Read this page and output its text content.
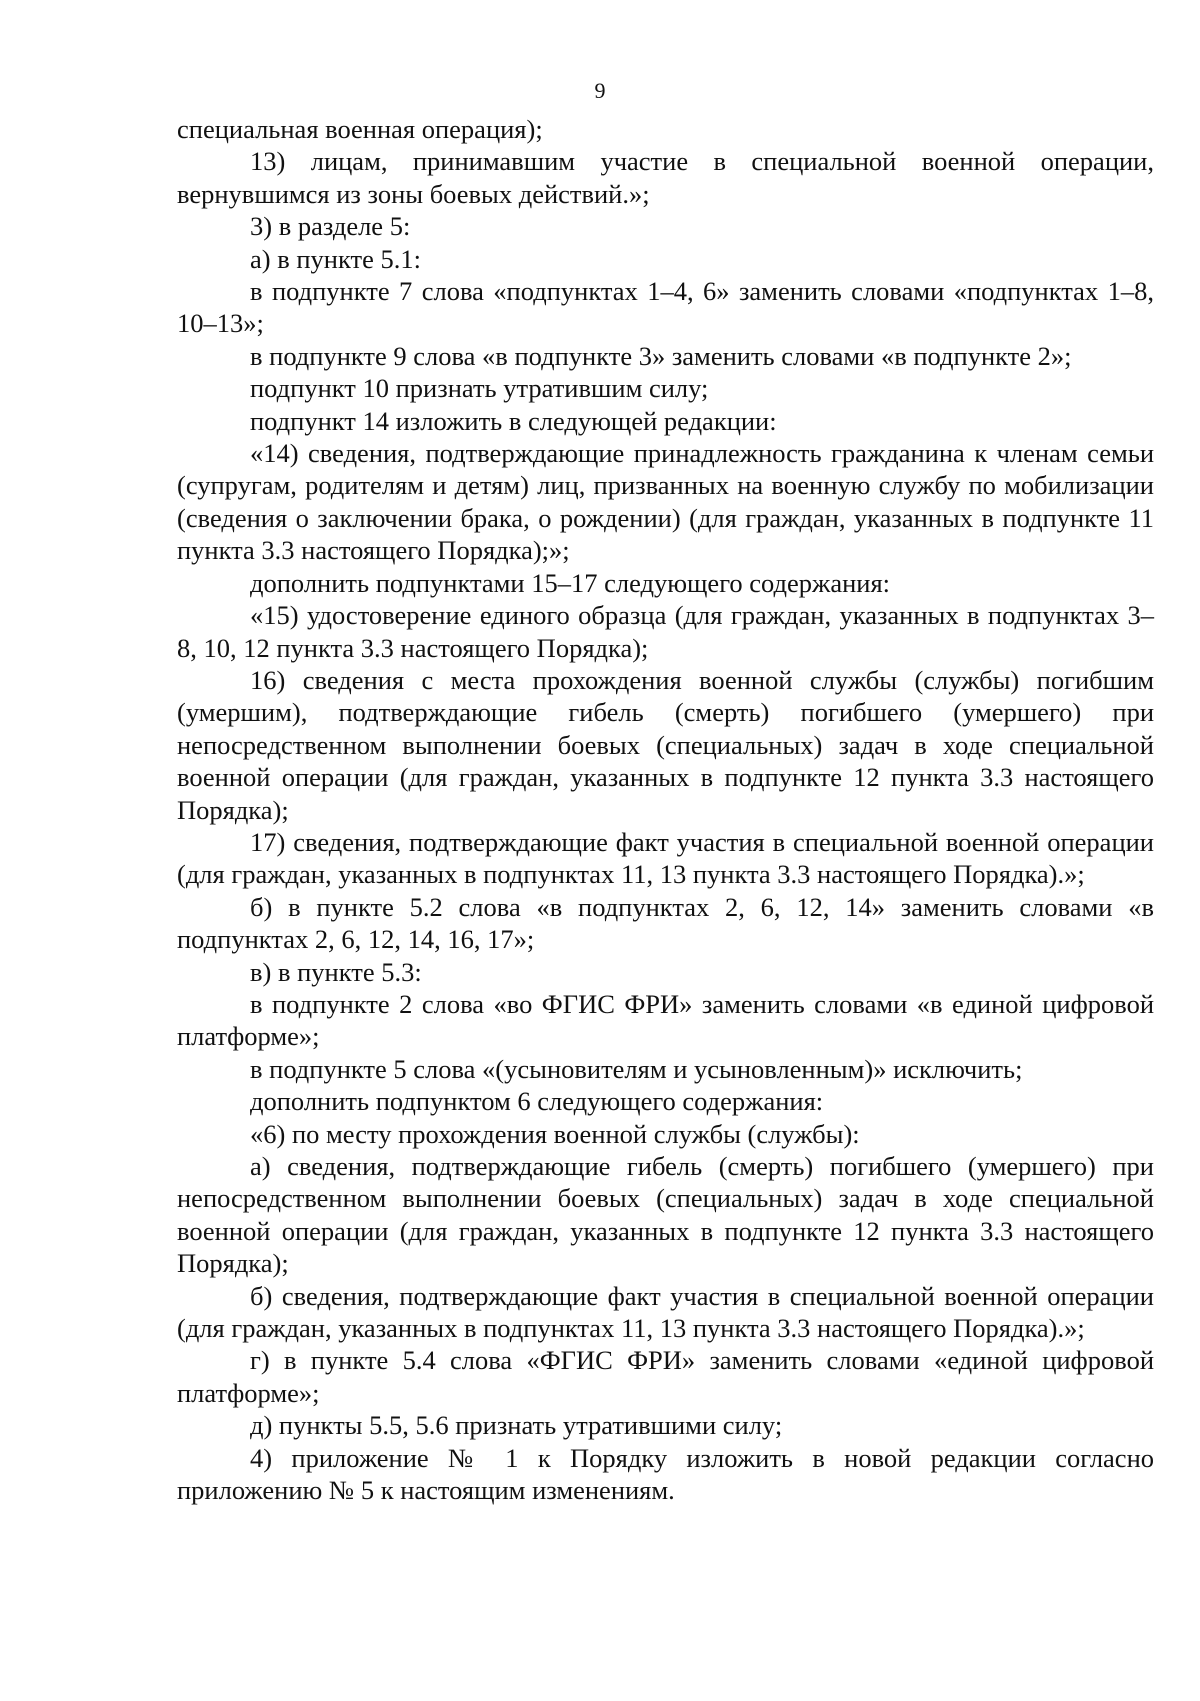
9

специальная военная операция);

13) лицам, принимавшим участие в специальной военной операции, вернувшимся из зоны боевых действий.»;

3) в разделе 5:

а) в пункте 5.1:

в подпункте 7 слова «подпунктах 1–4, 6» заменить словами «подпунктах 1–8, 10–13»;

в подпункте 9 слова «в подпункте 3» заменить словами «в подпункте 2»;

подпункт 10 признать утратившим силу;

подпункт 14 изложить в следующей редакции:

«14) сведения, подтверждающие принадлежность гражданина к членам семьи (супругам, родителям и детям) лиц, призванных на военную службу по мобилизации (сведения о заключении брака, о рождении) (для граждан, указанных в подпункте 11 пункта 3.3 настоящего Порядка);»;

дополнить подпунктами 15–17 следующего содержания:

«15) удостоверение единого образца (для граждан, указанных в подпунктах 3–8, 10, 12 пункта 3.3 настоящего Порядка);

16) сведения с места прохождения военной службы (службы) погибшим (умершим), подтверждающие гибель (смерть) погибшего (умершего) при непосредственном выполнении боевых (специальных) задач в ходе специальной военной операции (для граждан, указанных в подпункте 12 пункта 3.3 настоящего Порядка);

17) сведения, подтверждающие факт участия в специальной военной операции (для граждан, указанных в подпунктах 11, 13 пункта 3.3 настоящего Порядка).»;

б) в пункте 5.2 слова «в подпунктах 2, 6, 12, 14» заменить словами «в подпунктах 2, 6, 12, 14, 16, 17»;

в) в пункте 5.3:

в подпункте 2 слова «во ФГИС ФРИ» заменить словами «в единой цифровой платформе»;

в подпункте 5 слова «(усыновителям и усыновленным)» исключить;

дополнить подпунктом 6 следующего содержания:

«6) по месту прохождения военной службы (службы):

а) сведения, подтверждающие гибель (смерть) погибшего (умершего) при непосредственном выполнении боевых (специальных) задач в ходе специальной военной операции (для граждан, указанных в подпункте 12 пункта 3.3 настоящего Порядка);

б) сведения, подтверждающие факт участия в специальной военной операции (для граждан, указанных в подпунктах 11, 13 пункта 3.3 настоящего Порядка).»;

г) в пункте 5.4 слова «ФГИС ФРИ» заменить словами «единой цифровой платформе»;

д) пункты 5.5, 5.6 признать утратившими силу;

4) приложение № 1 к Порядку изложить в новой редакции согласно приложению № 5 к настоящим изменениям.
